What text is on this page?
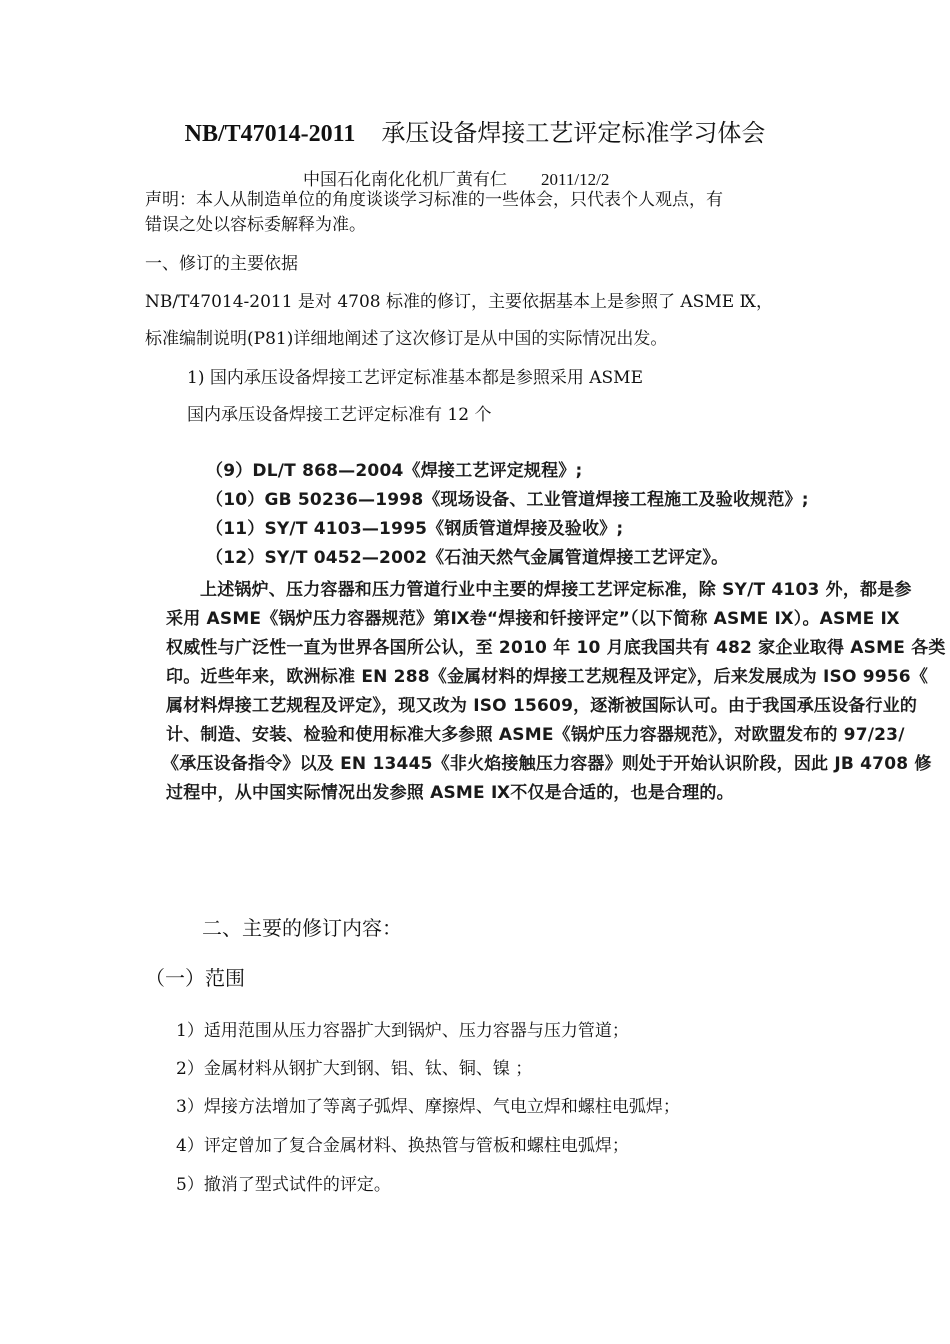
NB/T47014-2011 承压设备焊接工艺评定标准学习体会
中国石化南化化机厂黄有仁 2011/12/2
声明：本人从制造单位的角度谈谈学习标准的一些体会，只代表个人观点，有
错误之处以容标委解释为准。
一、修订的主要依据
NB/T47014-2011 是对 4708 标准的修订，主要依据基本上是参照了 ASME Ⅸ，
标准编制说明(P81)详细地阐述了这次修订是从中国的实际情况出发。
1) 国内承压设备焊接工艺评定标准基本都是参照采用 ASME
国内承压设备焊接工艺评定标准有 12 个
（9）DL/T 868—2004《焊接工艺评定规程》;
（10）GB 50236—1998《现场设备、工业管道焊接工程施工及验收规范》;
（11）SY/T 4103—1995《钢质管道焊接及验收》;
（12）SY/T 0452—2002《石油天然气金属管道焊接工艺评定》。
上述锅炉、压力容器和压力管道行业中主要的焊接工艺评定标准，除 SY/T 4103 外，都是参
采用 ASME《锅炉压力容器规范》第Ⅸ卷“焊接和钎接评定”（以下简称 ASME Ⅸ）。ASME Ⅸ
权威性与广泛性一直为世界各国所公认，至 2010 年 10 月底我国共有 482 家企业取得 ASME 各类
印。近些年来，欧洲标准 EN 288《金属材料的焊接工艺规程及评定》，后来发展成为 ISO 9956《
属材料焊接工艺规程及评定》，现又改为 ISO 15609，逐渐被国际认可。由于我国承压设备行业的
计、制造、安装、检验和使用标准大多参照 ASME《锅炉压力容器规范》，对欧盟发布的 97/23/
《承压设备指令》以及 EN 13445《非火焰接触压力容器》则处于开始认识阶段，因此 JB 4708 修
过程中，从中国实际情况出发参照 ASME Ⅸ不仅是合适的，也是合理的。
二、主要的修订内容：
（一）范围
1）适用范围从压力容器扩大到锅炉、压力容器与压力管道；
2）金属材料从钢扩大到钢、铝、钛、铜、镍 ；
3）焊接方法增加了等离子弧焊、摩擦焊、气电立焊和螺柱电弧焊；
4）评定曾加了复合金属材料、换热管与管板和螺柱电弧焊；
5）撤消了型式试件的评定。
